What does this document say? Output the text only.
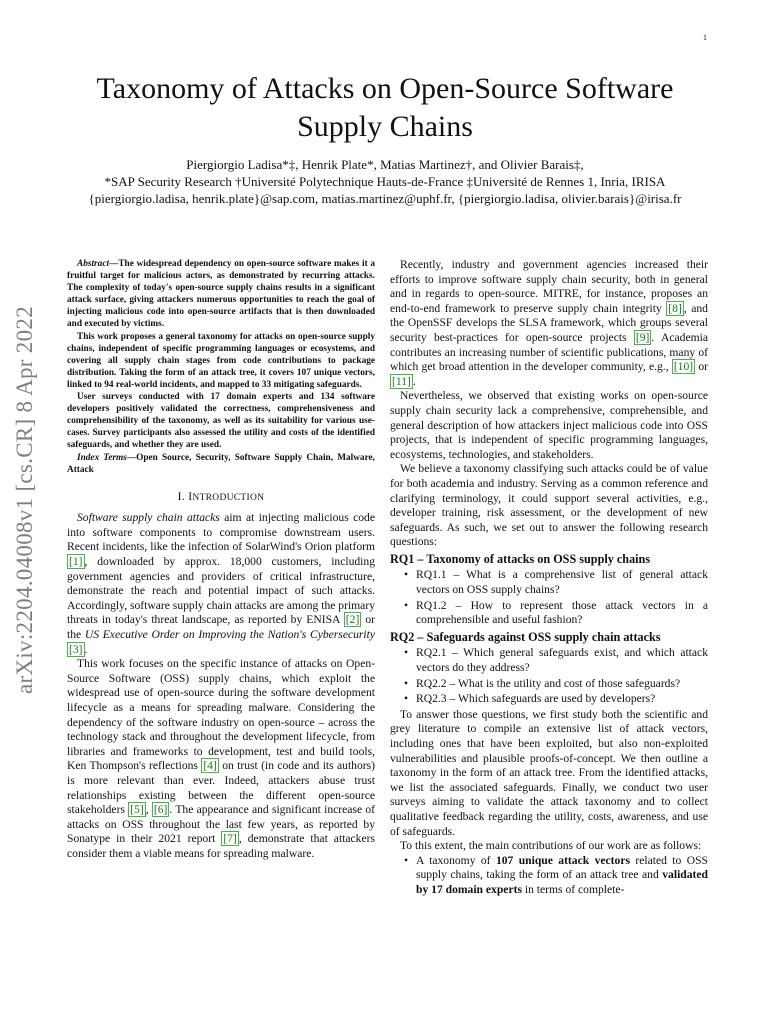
1
arXiv:2204.04008v1 [cs.CR] 8 Apr 2022
Taxonomy of Attacks on Open-Source Software
Supply Chains
Piergiorgio Ladisa*‡, Henrik Plate*, Matias Martinez†, and Olivier Barais‡,
*SAP Security Research †Université Polytechnique Hauts-de-France ‡Université de Rennes 1, Inria, IRISA
{piergiorgio.ladisa, henrik.plate}@sap.com, matias.martinez@uphf.fr, {piergiorgio.ladisa, olivier.barais}@irisa.fr

Abstract—The widespread dependency on open-source software makes it a fruitful target for malicious actors, as demonstrated by recurring attacks. The complexity of today's open-source supply chains results in a significant attack surface, giving attackers numerous opportunities to reach the goal of injecting malicious code into open-source artifacts that is then downloaded and executed by victims.

This work proposes a general taxonomy for attacks on open-source supply chains, independent of specific programming languages or ecosystems, and covering all supply chain stages from code contributions to package distribution. Taking the form of an attack tree, it covers 107 unique vectors, linked to 94 real-world incidents, and mapped to 33 mitigating safeguards.

User surveys conducted with 17 domain experts and 134 software developers positively validated the correctness, comprehensiveness and comprehensibility of the taxonomy, as well as its suitability for various use-cases. Survey participants also assessed the utility and costs of the identified safeguards, and whether they are used.

Index Terms—Open Source, Security, Software Supply Chain, Malware, Attack

I. INTRODUCTION

Software supply chain attacks aim at injecting malicious code into software components to compromise downstream users. Recent incidents, like the infection of SolarWind's Orion platform [1] , downloaded by approx. 18,000 customers, including government agencies and providers of critical infrastructure, demonstrate the reach and potential impact of such attacks. Accordingly, software supply chain attacks are among the primary threats in today's threat landscape, as reported by ENISA [2] or the US Executive Order on Improving the Nation's Cybersecurity [3] .

This work focuses on the specific instance of attacks on Open-Source Software (OSS) supply chains, which exploit the widespread use of open-source during the software development lifecycle as a means for spreading malware. Considering the dependency of the software industry on open-source – across the technology stack and throughout the development lifecycle, from libraries and frameworks to development, test and build tools, Ken Thompson's reflections [4] on trust (in code and its authors) is more relevant than ever. Indeed, attackers abuse trust relationships existing between the different open-source stakeholders [5] , [6] . The appearance and significant increase of attacks on OSS throughout the last few years, as reported by Sonatype in their 2021 report [7] , demonstrate that attackers consider them a viable means for spreading malware.

Recently, industry and government agencies increased their efforts to improve software supply chain security, both in general and in regards to open-source. MITRE, for instance, proposes an end-to-end framework to preserve supply chain integrity [8] , and the OpenSSF develops the SLSA framework, which groups several security best-practices for open-source projects [9] . Academia contributes an increasing number of scientific publications, many of which get broad attention in the developer community, e.g., [10] or [11] .

Nevertheless, we observed that existing works on open-source supply chain security lack a comprehensive, comprehensible, and general description of how attackers inject malicious code into OSS projects, that is independent of specific programming languages, ecosystems, technologies, and stakeholders.

We believe a taxonomy classifying such attacks could be of value for both academia and industry. Serving as a common reference and clarifying terminology, it could support several activities, e.g., developer training, risk assessment, or the development of new safeguards. As such, we set out to answer the following research questions:

RQ1 – Taxonomy of attacks on OSS supply chains
• RQ1.1 – What is a comprehensive list of general attack vectors on OSS supply chains?
• RQ1.2 – How to represent those attack vectors in a comprehensible and useful fashion?
RQ2 – Safeguards against OSS supply chain attacks
• RQ2.1 – Which general safeguards exist, and which attack vectors do they address?
• RQ2.2 – What is the utility and cost of those safeguards?
• RQ2.3 – Which safeguards are used by developers?

To answer those questions, we first study both the scientific and grey literature to compile an extensive list of attack vectors, including ones that have been exploited, but also non-exploited vulnerabilities and plausible proofs-of-concept. We then outline a taxonomy in the form of an attack tree. From the identified attacks, we list the associated safeguards. Finally, we conduct two user surveys aiming to validate the attack taxonomy and to collect qualitative feedback regarding the utility, costs, awareness, and use of safeguards.

To this extent, the main contributions of our work are as follows:

• A taxonomy of 107 unique attack vectors related to OSS supply chains, taking the form of an attack tree and validated by 17 domain experts in terms of complete-
